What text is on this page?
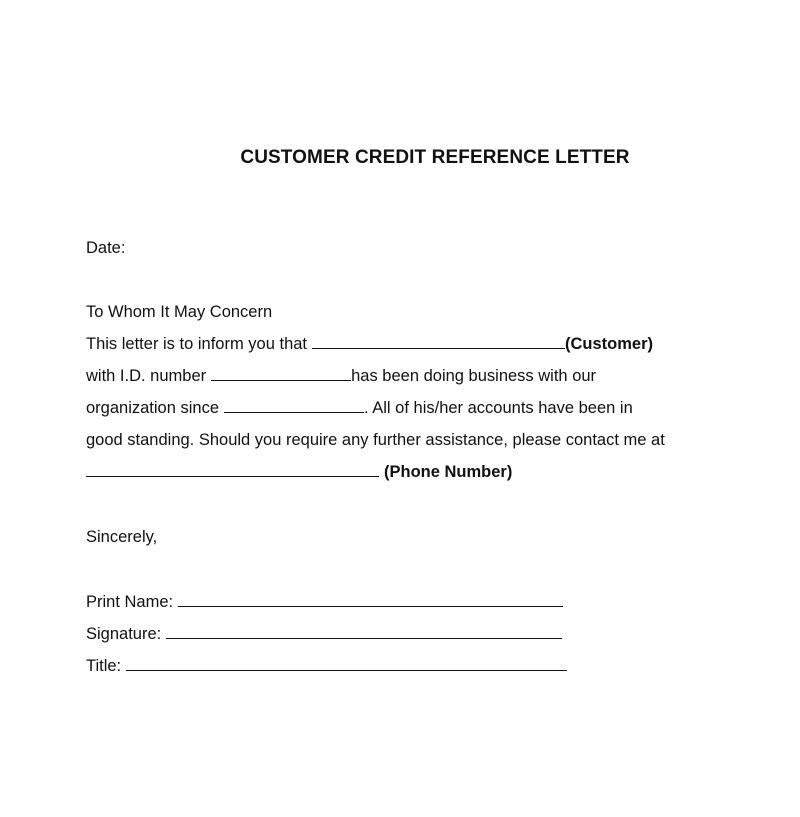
CUSTOMER CREDIT REFERENCE LETTER
Date:
To Whom It May Concern
This letter is to inform you that	(Customer)
with I.D. number	has been doing business with our
organization since	. All of his/her accounts have been in
good standing. Should you require any further assistance, please contact me at
(Phone Number)
Sincerely,
Print Name:
Signature:
Title:
